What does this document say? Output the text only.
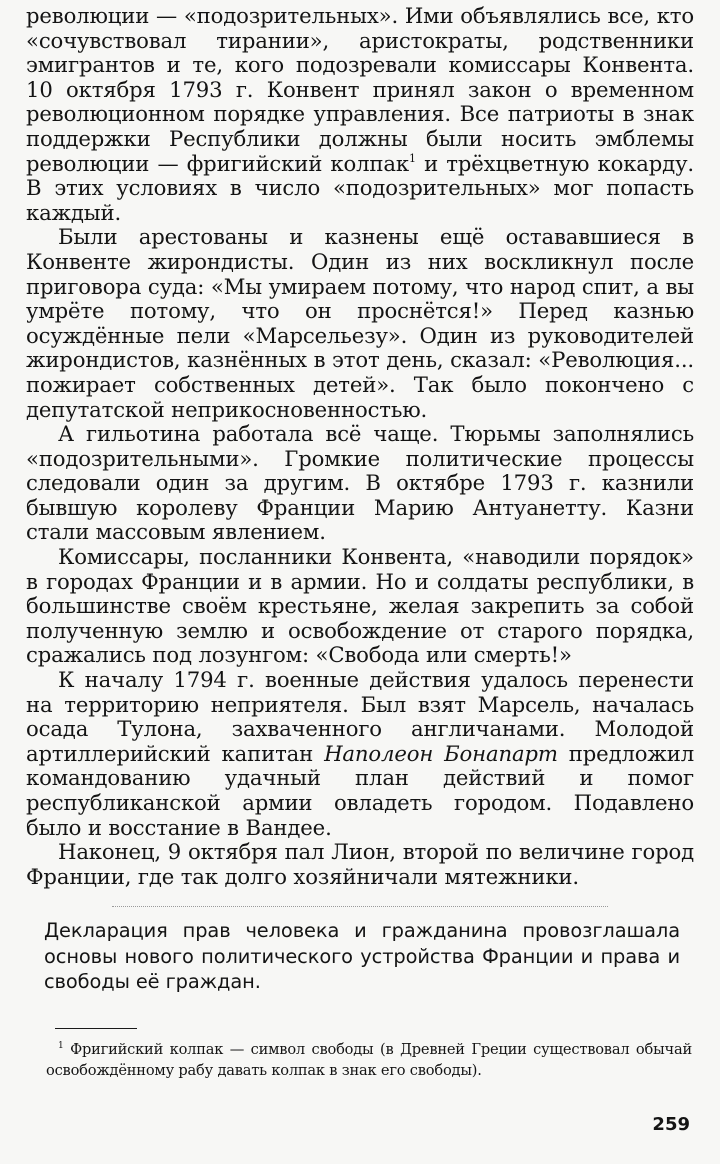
революции — «подозрительных». Ими объявлялись все, кто «сочувствовал тирании», аристократы, родственники эмигрантов и те, кого подозревали комиссары Конвента. 10 октября 1793 г. Конвент принял закон о временном революционном порядке управления. Все патриоты в знак поддержки Республики должны были носить эмблемы революции — фригийский колпак$^1$ и трёхцветную кокарду. В этих условиях в число «подозрительных» мог попасть каждый.

Были арестованы и казнены ещё остававшиеся в Конвенте жирондисты. Один из них воскликнул после приговора суда: «Мы умираем потому, что народ спит, а вы умрёте потому, что он проснётся!» Перед казнью осуждённые пели «Марсельезу». Один из руководителей жирондистов, казнённых в этот день, сказал: «Революция... пожирает собственных детей». Так было покончено с депутатской неприкосновенностью.

А гильотина работала всё чаще. Тюрьмы заполнялись «подозрительными». Громкие политические процессы следовали один за другим. В октябре 1793 г. казнили бывшую королеву Франции Марию Антуанетту. Казни стали массовым явлением.

Комиссары, посланники Конвента, «наводили порядок» в городах Франции и в армии. Но и солдаты республики, в большинстве своём крестьяне, желая закрепить за собой полученную землю и освобождение от старого порядка, сражались под лозунгом: «Свобода или смерть!»

К началу 1794 г. военные действия удалось перенести на территорию неприятеля. Был взят Марсель, началась осада Тулона, захваченного англичанами. Молодой артиллерийский капитан Наполеон Бонапарт предложил командованию удачный план действий и помог республиканской армии овладеть городом. Подавлено было и восстание в Вандее.

Наконец, 9 октября пал Лион, второй по величине город Франции, где так долго хозяйничали мятежники.

Декларация прав человека и гражданина провозглашала основы нового политического устройства Франции и права и свободы её граждан.

$^1$ Фригийский колпак — символ свободы (в Древней Греции существовал обычай освобождённому рабу давать колпак в знак его свободы).

259
